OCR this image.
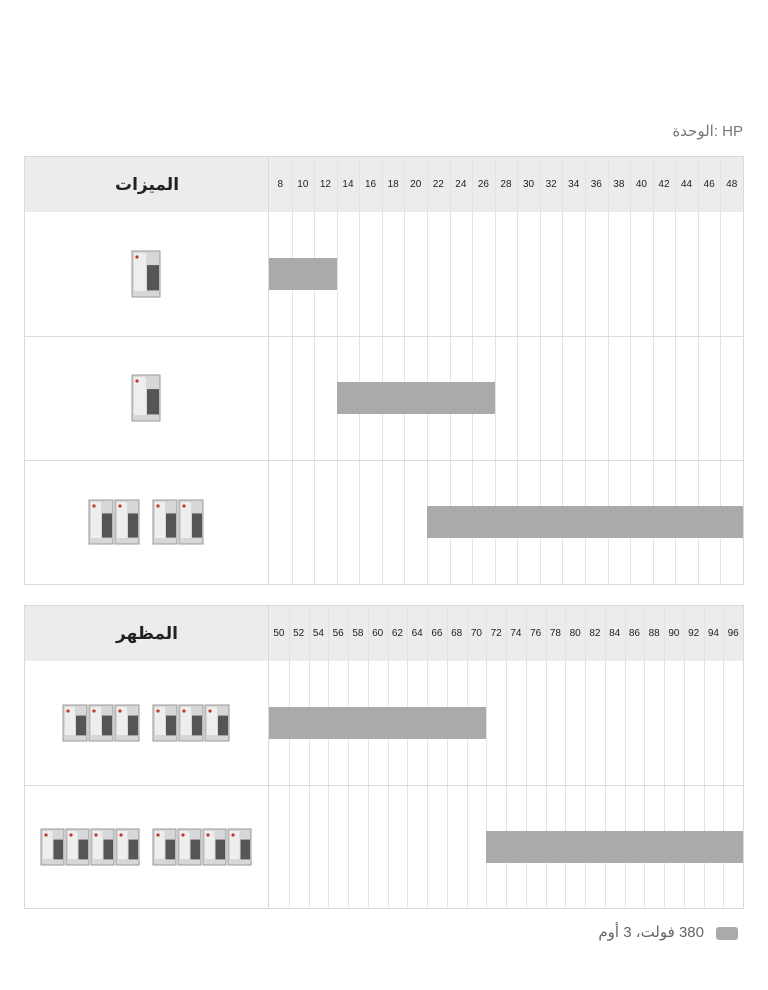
الوحدة: HP
الميزات	8	10	12	14	16	18	20	22	24	26	28	30	32	34	36	38	40	42	44	46	48
المظهر	50 52 54 56 58 60 62 64 66 68 70 72 74 76 78 80 82 84 86 88 90 92 94 96
380 فولت، 3 أوم
